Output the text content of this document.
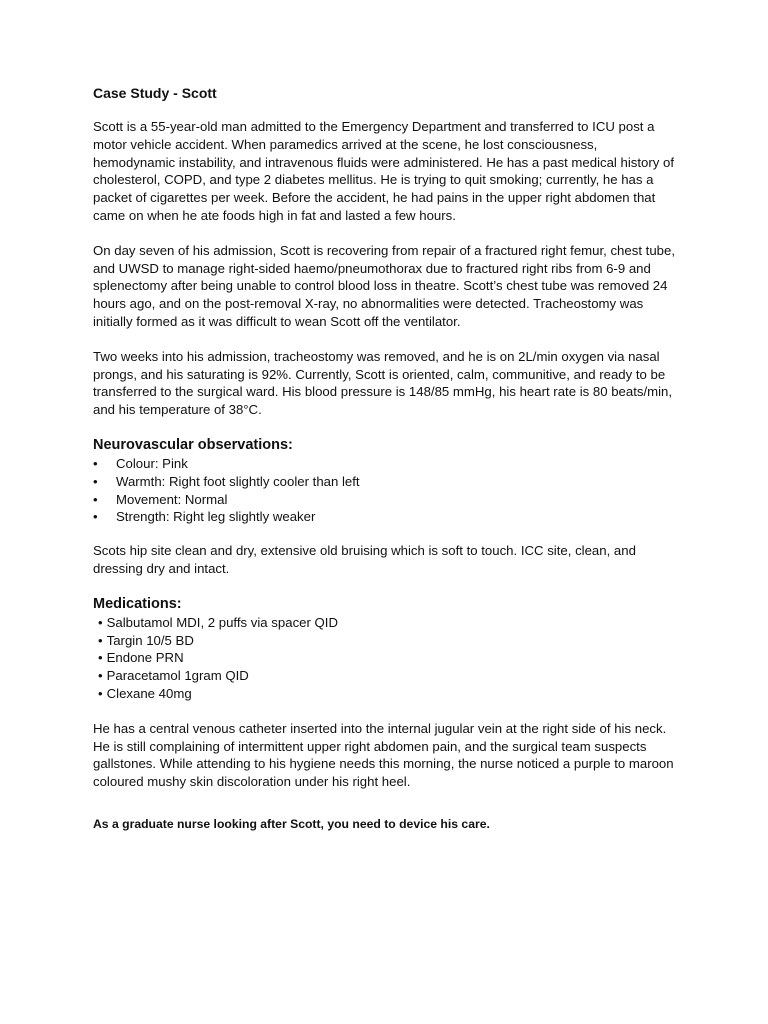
Case Study - Scott

Scott is a 55-year-old man admitted to the Emergency Department and transferred to ICU post a motor vehicle accident. When paramedics arrived at the scene, he lost consciousness, hemodynamic instability, and intravenous fluids were administered. He has a past medical history of cholesterol, COPD, and type 2 diabetes mellitus. He is trying to quit smoking; currently, he has a packet of cigarettes per week. Before the accident, he had pains in the upper right abdomen that came on when he ate foods high in fat and lasted a few hours.

On day seven of his admission, Scott is recovering from repair of a fractured right femur, chest tube, and UWSD to manage right-sided haemo/pneumothorax due to fractured right ribs from 6-9 and splenectomy after being unable to control blood loss in theatre. Scott’s chest tube was removed 24 hours ago, and on the post-removal X-ray, no abnormalities were detected. Tracheostomy was initially formed as it was difficult to wean Scott off the ventilator.

Two weeks into his admission, tracheostomy was removed, and he is on 2L/min oxygen via nasal prongs, and his saturating is 92%. Currently, Scott is oriented, calm, communitive, and ready to be transferred to the surgical ward. His blood pressure is 148/85 mmHg, his heart rate is 80 beats/min, and his temperature of 38°C.

Neurovascular observations:
• Colour: Pink
• Warmth: Right foot slightly cooler than left
• Movement: Normal
• Strength: Right leg slightly weaker

Scots hip site clean and dry, extensive old bruising which is soft to touch. ICC site, clean, and dressing dry and intact.

Medications:
• Salbutamol MDI, 2 puffs via spacer QID
• Targin 10/5 BD
• Endone PRN
• Paracetamol 1gram QID
• Clexane 40mg

He has a central venous catheter inserted into the internal jugular vein at the right side of his neck. He is still complaining of intermittent upper right abdomen pain, and the surgical team suspects gallstones. While attending to his hygiene needs this morning, the nurse noticed a purple to maroon coloured mushy skin discoloration under his right heel.

As a graduate nurse looking after Scott, you need to device his care.
